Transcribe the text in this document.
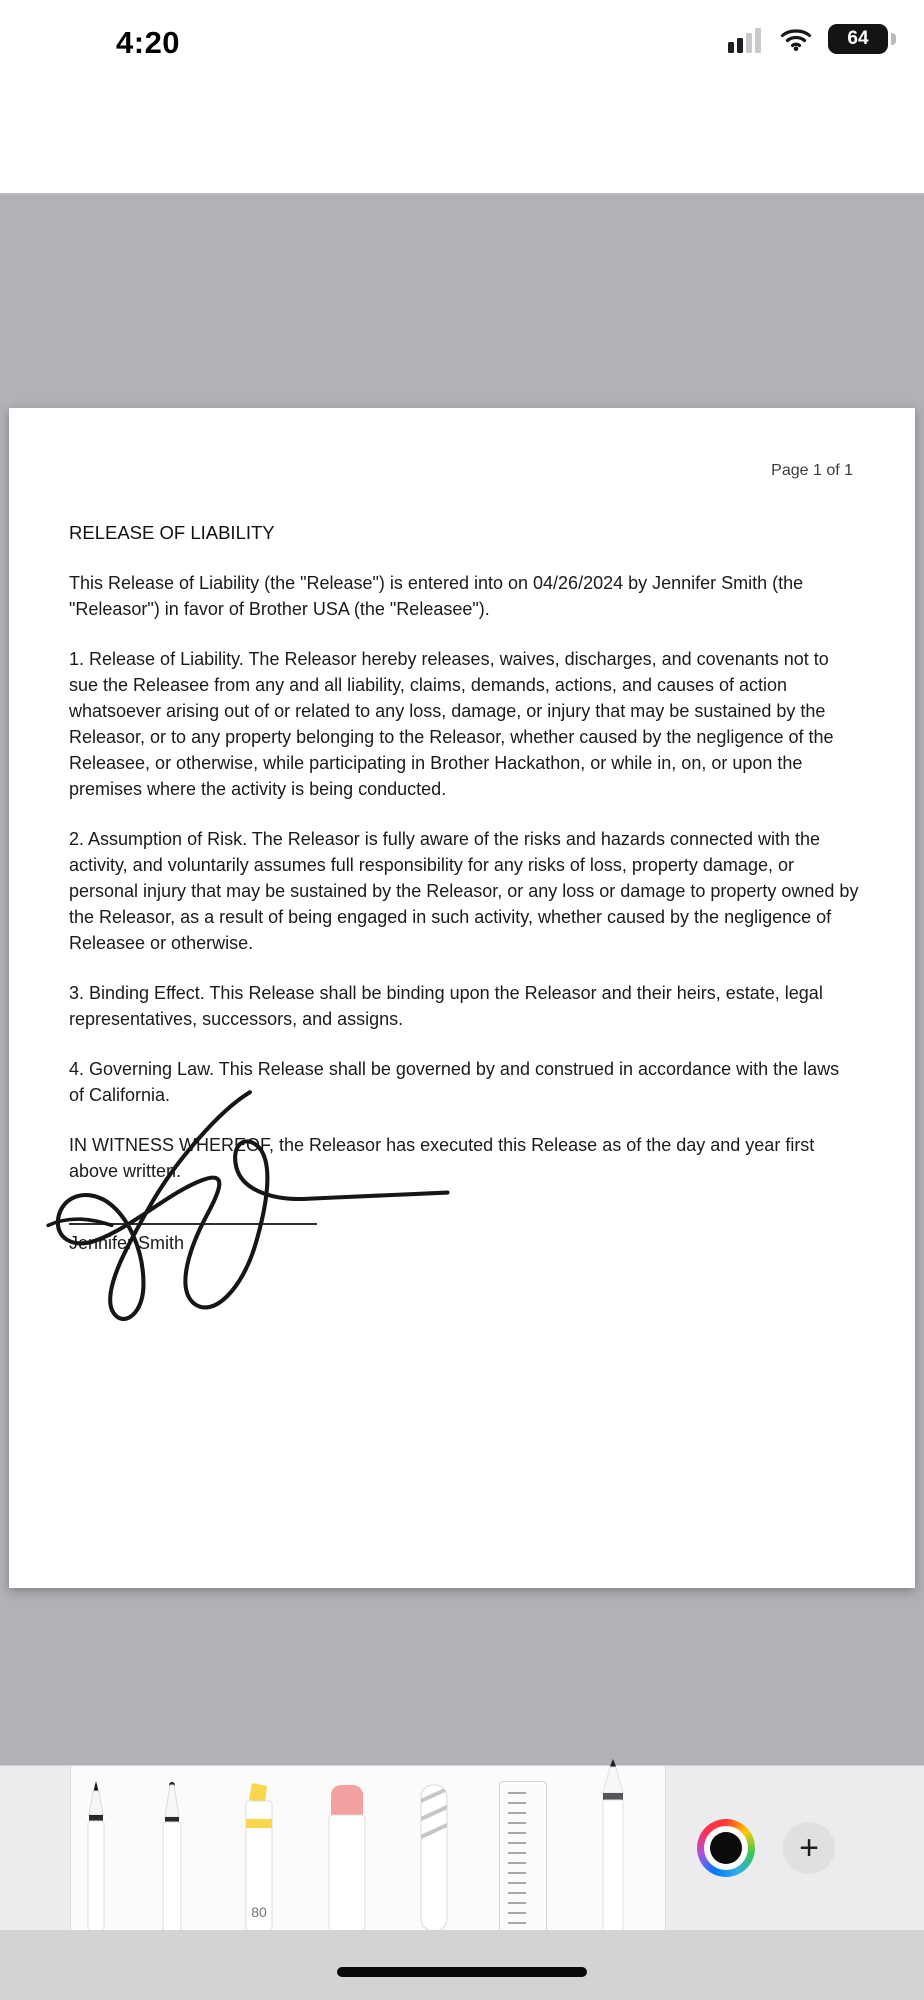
4:20	64
Page 1 of 1
RELEASE OF LIABILITY

This Release of Liability (the "Release") is entered into on 04/26/2024 by Jennifer Smith (the "Releasor") in favor of Brother USA (the "Releasee").

1. Release of Liability. The Releasor hereby releases, waives, discharges, and covenants not to sue the Releasee from any and all liability, claims, demands, actions, and causes of action whatsoever arising out of or related to any loss, damage, or injury that may be sustained by the Releasor, or to any property belonging to the Releasor, whether caused by the negligence of the Releasee, or otherwise, while participating in Brother Hackathon, or while in, on, or upon the premises where the activity is being conducted.

2. Assumption of Risk. The Releasor is fully aware of the risks and hazards connected with the activity, and voluntarily assumes full responsibility for any risks of loss, property damage, or personal injury that may be sustained by the Releasor, or any loss or damage to property owned by the Releasor, as a result of being engaged in such activity, whether caused by the negligence of Releasee or otherwise.

3. Binding Effect. This Release shall be binding upon the Releasor and their heirs, estate, legal representatives, successors, and assigns.

4. Governing Law. This Release shall be governed by and construed in accordance with the laws of California.

IN WITNESS WHEREOF, the Releasor has executed this Release as of the day and year first above written.

Jennifer Smith
80
+
